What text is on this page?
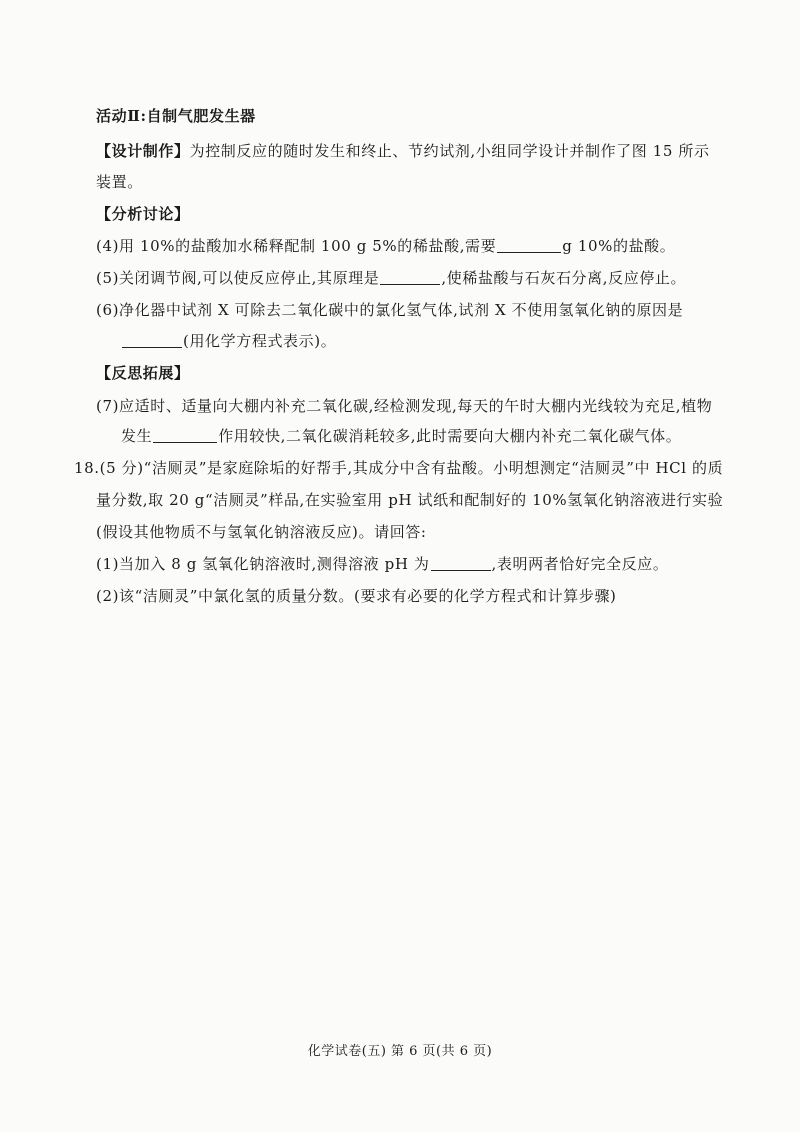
活动Ⅱ:自制气肥发生器
【设计制作】为控制反应的随时发生和终止、节约试剂,小组同学设计并制作了图 15 所示
装置。
【分析讨论】
(4)用 10%的盐酸加水稀释配制 100 g 5%的稀盐酸,需要	g 10%的盐酸。
(5)关闭调节阀,可以使反应停止,其原理是	,使稀盐酸与石灰石分离,反应停止。
(6)净化器中试剂 X 可除去二氧化碳中的氯化氢气体,试剂 X 不使用氢氧化钠的原因是
(用化学方程式表示)。
【反思拓展】
(7)应适时、适量向大棚内补充二氧化碳,经检测发现,每天的午时大棚内光线较为充足,植物
发生	作用较快,二氧化碳消耗较多,此时需要向大棚内补充二氧化碳气体。
18.(5 分)“洁厕灵”是家庭除垢的好帮手,其成分中含有盐酸。小明想测定“洁厕灵”中 HCl 的质
量分数,取 20 g“洁厕灵”样品,在实验室用 pH 试纸和配制好的 10%氢氧化钠溶液进行实验
(假设其他物质不与氢氧化钠溶液反应)。请回答:
(1)当加入 8 g 氢氧化钠溶液时,测得溶液 pH 为	,表明两者恰好完全反应。
(2)该“洁厕灵”中氯化氢的质量分数。(要求有必要的化学方程式和计算步骤)
化学试卷(五) 第 6 页(共 6 页)
